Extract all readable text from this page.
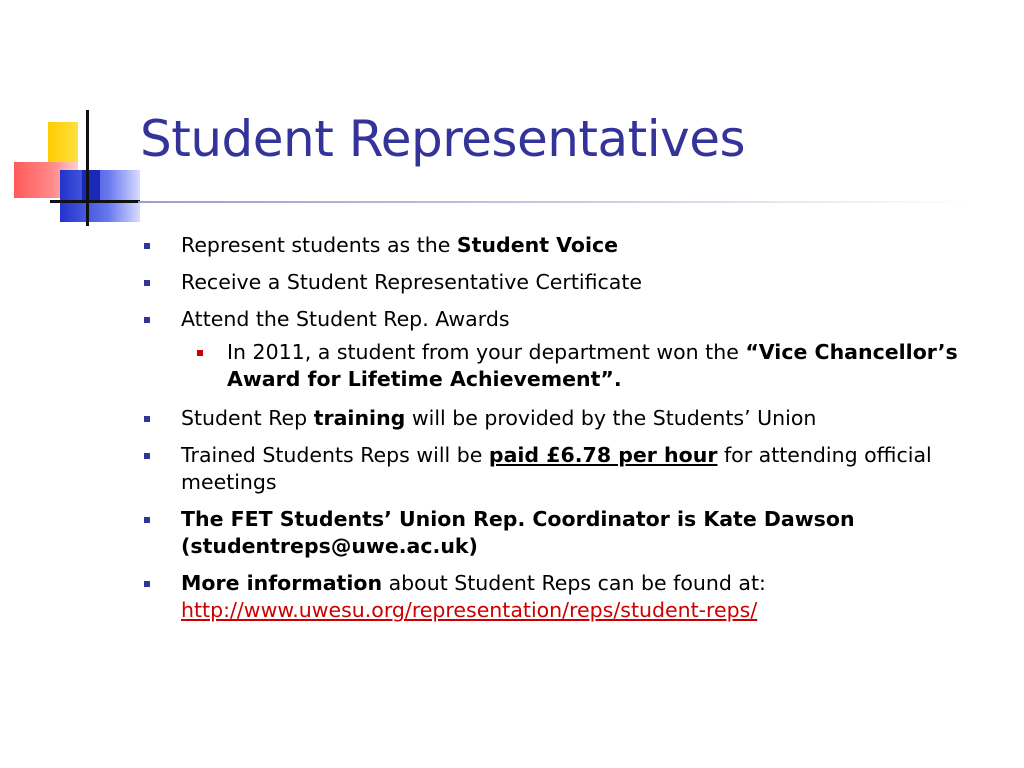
Student Representatives
Represent students as the Student Voice
Receive a Student Representative Certificate
Attend the Student Rep. Awards
In 2011, a student from your department won the “Vice Chancellor’s Award for Lifetime Achievement”.
Student Rep training will be provided by the Students’ Union
Trained Students Reps will be paid £6.78 per hour for attending official meetings
The FET Students’ Union Rep. Coordinator is Kate Dawson (studentreps@uwe.ac.uk)
More information about Student Reps can be found at: http://www.uwesu.org/representation/reps/student-reps/
